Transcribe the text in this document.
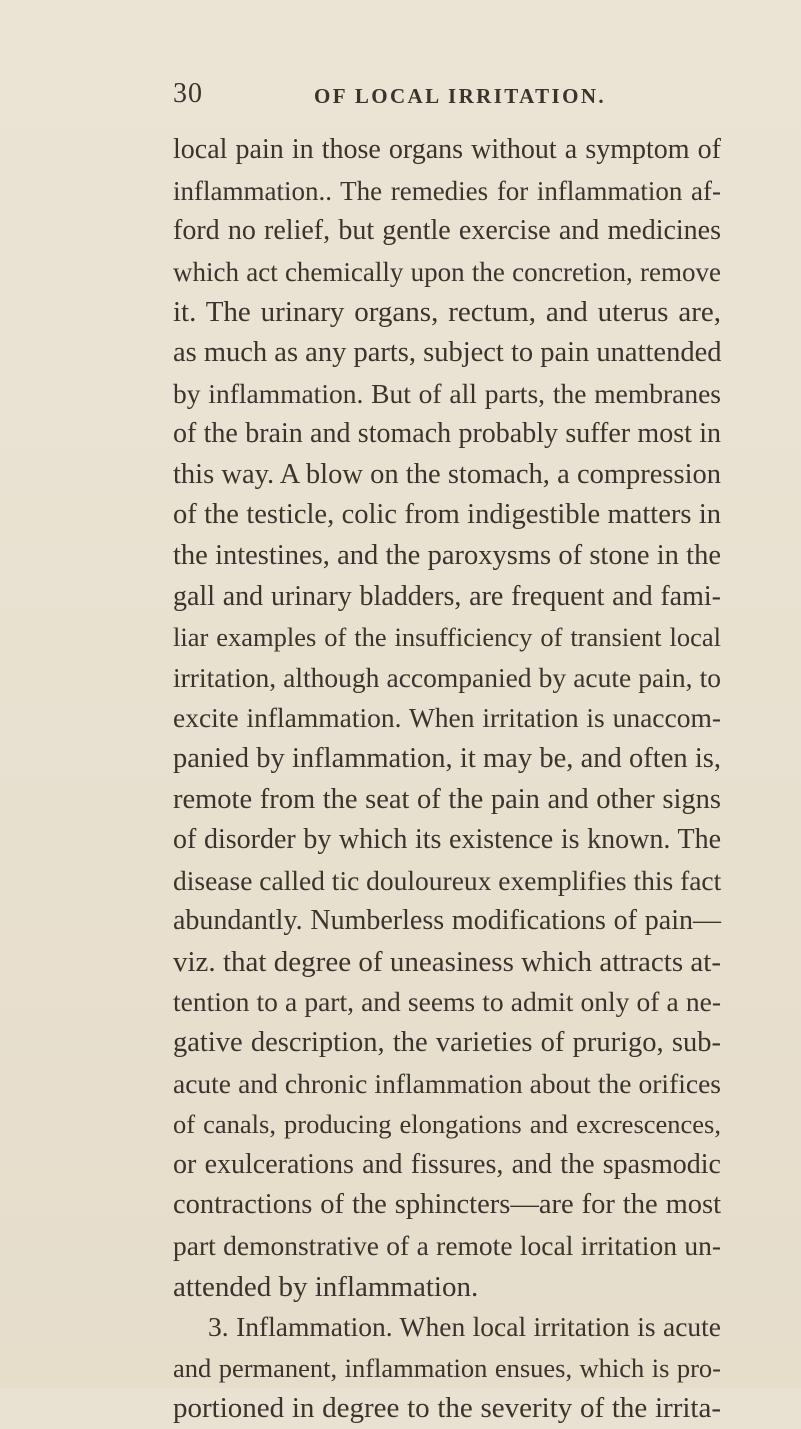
30	OF LOCAL IRRITATION.
local pain in those organs without a symptom of
inflammation.. The remedies for inflammation af-
ford no relief, but gentle exercise and medicines
which act chemically upon the concretion, remove
it. The urinary organs, rectum, and uterus are,
as much as any parts, subject to pain unattended
by inflammation. But of all parts, the membranes
of the brain and stomach probably suffer most in
this way. A blow on the stomach, a compression
of the testicle, colic from indigestible matters in
the intestines, and the paroxysms of stone in the
gall and urinary bladders, are frequent and fami-
liar examples of the insufficiency of transient local
irritation, although accompanied by acute pain, to
excite inflammation. When irritation is unaccom-
panied by inflammation, it may be, and often is,
remote from the seat of the pain and other signs
of disorder by which its existence is known. The
disease called tic douloureux exemplifies this fact
abundantly. Numberless modifications of pain—
viz. that degree of uneasiness which attracts at-
tention to a part, and seems to admit only of a ne-
gative description, the varieties of prurigo, sub-
acute and chronic inflammation about the orifices
of canals, producing elongations and excrescences,
or exulcerations and fissures, and the spasmodic
contractions of the sphincters—are for the most
part demonstrative of a remote local irritation un-
attended by inflammation.
3. Inflammation. When local irritation is acute
and permanent, inflammation ensues, which is pro-
portioned in degree to the severity of the irrita-
